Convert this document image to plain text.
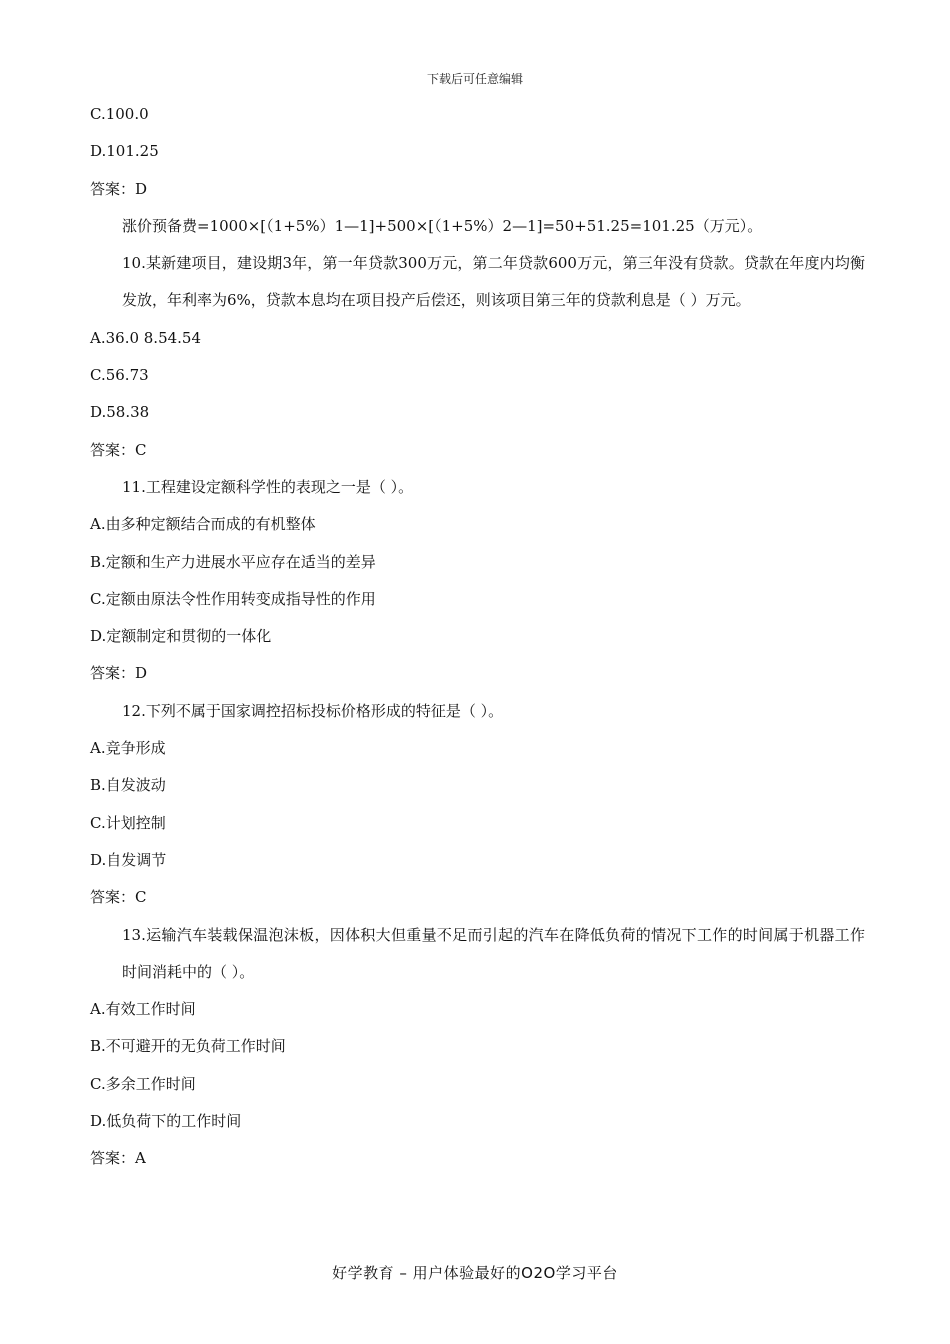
下载后可任意编辑
C.100.0
D.101.25
答案：D
涨价预备费=1000×[（1+5%）1—1]+500×[（1+5%）2—1]=50+51.25=101.25（万元）。
10.某新建项目，建设期3年，第一年贷款300万元，第二年贷款600万元，第三年没有贷款。贷款在年度内均衡发放，年利率为6%，贷款本息均在项目投产后偿还，则该项目第三年的贷款利息是（ ）万元。
A.36.0 8.54.54
C.56.73
D.58.38
答案：C
11.工程建设定额科学性的表现之一是（ ）。
A.由多种定额结合而成的有机整体
B.定额和生产力进展水平应存在适当的差异
C.定额由原法令性作用转变成指导性的作用
D.定额制定和贯彻的一体化
答案：D
12.下列不属于国家调控招标投标价格形成的特征是（ ）。
A.竞争形成
B.自发波动
C.计划控制
D.自发调节
答案：C
13.运输汽车装载保温泡沫板，因体积大但重量不足而引起的汽车在降低负荷的情况下工作的时间属于机器工作时间消耗中的（ ）。
A.有效工作时间
B.不可避开的无负荷工作时间
C.多余工作时间
D.低负荷下的工作时间
答案：A
好学教育 – 用户体验最好的O2O学习平台
